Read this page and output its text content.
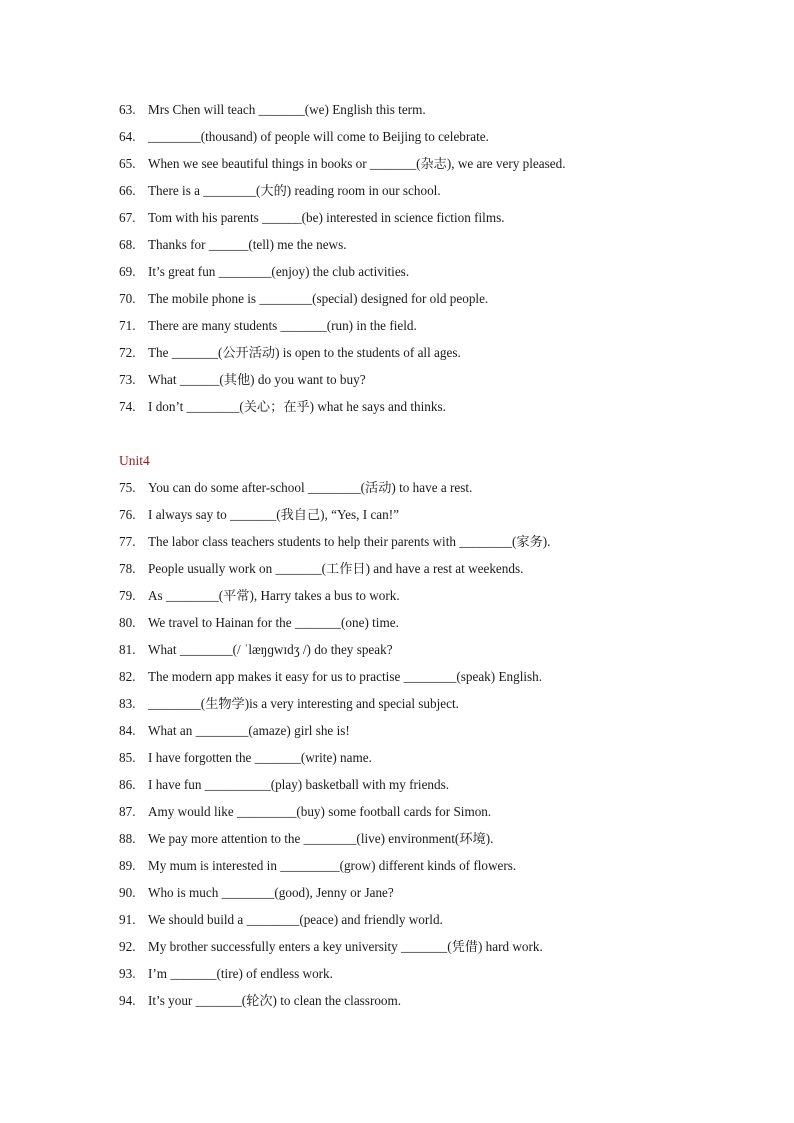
63. Mrs Chen will teach _______(we) English this term.
64. ________(thousand) of people will come to Beijing to celebrate.
65. When we see beautiful things in books or _______(杂志), we are very pleased.
66. There is a ________(大的) reading room in our school.
67. Tom with his parents ______(be) interested in science fiction films.
68. Thanks for ______(tell) me the news.
69. It’s great fun ________(enjoy) the club activities.
70. The mobile phone is ________(special) designed for old people.
71. There are many students _______(run) in the field.
72. The _______(公开活动) is open to the students of all ages.
73. What ______(其他) do you want to buy?
74. I don’t ________(关心；在乎) what he says and thinks.
Unit4
75. You can do some after-school ________(活动) to have a rest.
76. I always say to _______(我自己), “Yes, I can!”
77. The labor class teachers students to help their parents with ________(家务).
78. People usually work on _______(工作日) and have a rest at weekends.
79. As ________(平常), Harry takes a bus to work.
80. We travel to Hainan for the _______(one) time.
81. What ________(/ ˈlæŋɡwɪdʒ /) do they speak?
82. The modern app makes it easy for us to practise ________(speak) English.
83. ________(生物学)is a very interesting and special subject.
84. What an ________(amaze) girl she is!
85. I have forgotten the _______(write) name.
86. I have fun __________(play) basketball with my friends.
87. Amy would like _________(buy) some football cards for Simon.
88. We pay more attention to the ________(live) environment(环境).
89. My mum is interested in _________(grow) different kinds of flowers.
90. Who is much ________(good), Jenny or Jane?
91. We should build a ________(peace) and friendly world.
92. My brother successfully enters a key university _______(凭借) hard work.
93. I’m _______(tire) of endless work.
94. It’s your _______(轮次) to clean the classroom.
